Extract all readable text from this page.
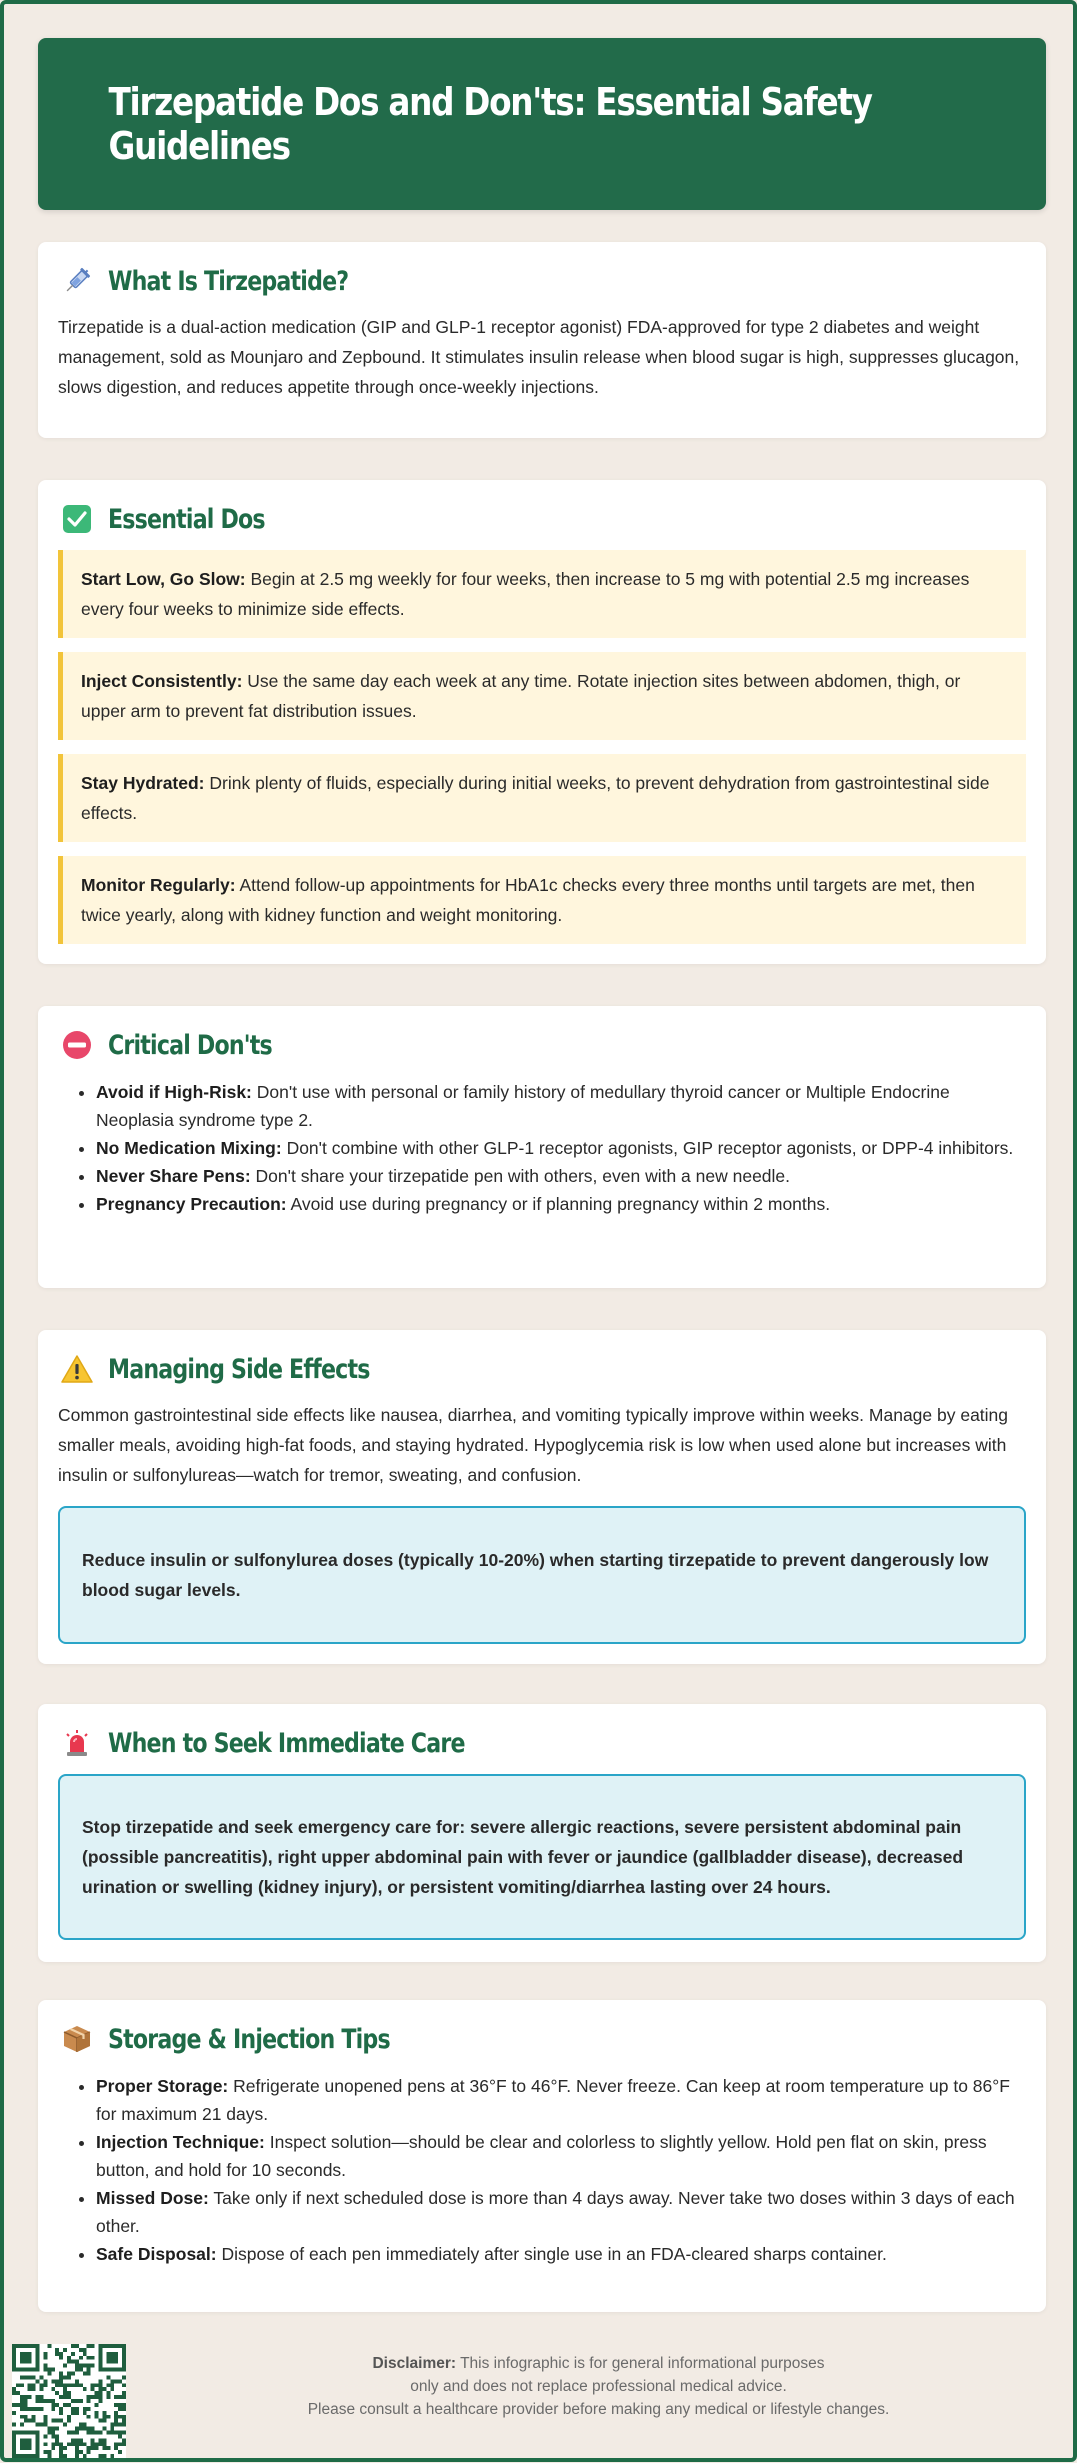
Tirzepatide Dos and Don'ts: Essential Safety Guidelines
What Is Tirzepatide?

Tirzepatide is a dual-action medication (GIP and GLP-1 receptor agonist) FDA-approved for type 2 diabetes and weight management, sold as Mounjaro and Zepbound. It stimulates insulin release when blood sugar is high, suppresses glucagon, slows digestion, and reduces appetite through once-weekly injections.

Essential Dos
Start Low, Go Slow: Begin at 2.5 mg weekly for four weeks, then increase to 5 mg with potential 2.5 mg increases every four weeks to minimize side effects.
Inject Consistently: Use the same day each week at any time. Rotate injection sites between abdomen, thigh, or upper arm to prevent fat distribution issues.
Stay Hydrated: Drink plenty of fluids, especially during initial weeks, to prevent dehydration from gastrointestinal side effects.
Monitor Regularly: Attend follow-up appointments for HbA1c checks every three months until targets are met, then twice yearly, along with kidney function and weight monitoring.
Critical Don'ts
• Avoid if High-Risk: Don't use with personal or family history of medullary thyroid cancer or Multiple Endocrine Neoplasia syndrome type 2.
• No Medication Mixing: Don't combine with other GLP-1 receptor agonists, GIP receptor agonists, or DPP-4 inhibitors.
• Never Share Pens: Don't share your tirzepatide pen with others, even with a new needle.
• Pregnancy Precaution: Avoid use during pregnancy or if planning pregnancy within 2 months.
Managing Side Effects

Common gastrointestinal side effects like nausea, diarrhea, and vomiting typically improve within weeks. Manage by eating smaller meals, avoiding high-fat foods, and staying hydrated. Hypoglycemia risk is low when used alone but increases with insulin or sulfonylureas—watch for tremor, sweating, and confusion.

Reduce insulin or sulfonylurea doses (typically 10-20%) when starting tirzepatide to prevent dangerously low blood sugar levels.
When to Seek Immediate Care
Stop tirzepatide and seek emergency care for: severe allergic reactions, severe persistent abdominal pain (possible pancreatitis), right upper abdominal pain with fever or jaundice (gallbladder disease), decreased urination or swelling (kidney injury), or persistent vomiting/diarrhea lasting over 24 hours.
Storage & Injection Tips
• Proper Storage: Refrigerate unopened pens at 36°F to 46°F. Never freeze. Can keep at room temperature up to 86°F for maximum 21 days.
• Injection Technique: Inspect solution—should be clear and colorless to slightly yellow. Hold pen flat on skin, press button, and hold for 10 seconds.
• Missed Dose: Take only if next scheduled dose is more than 4 days away. Never take two doses within 3 days of each other.
• Safe Disposal: Dispose of each pen immediately after single use in an FDA-cleared sharps container.
Disclaimer: This infographic is for general informational purposes
only and does not replace professional medical advice.
Please consult a healthcare provider before making any medical or lifestyle changes.
